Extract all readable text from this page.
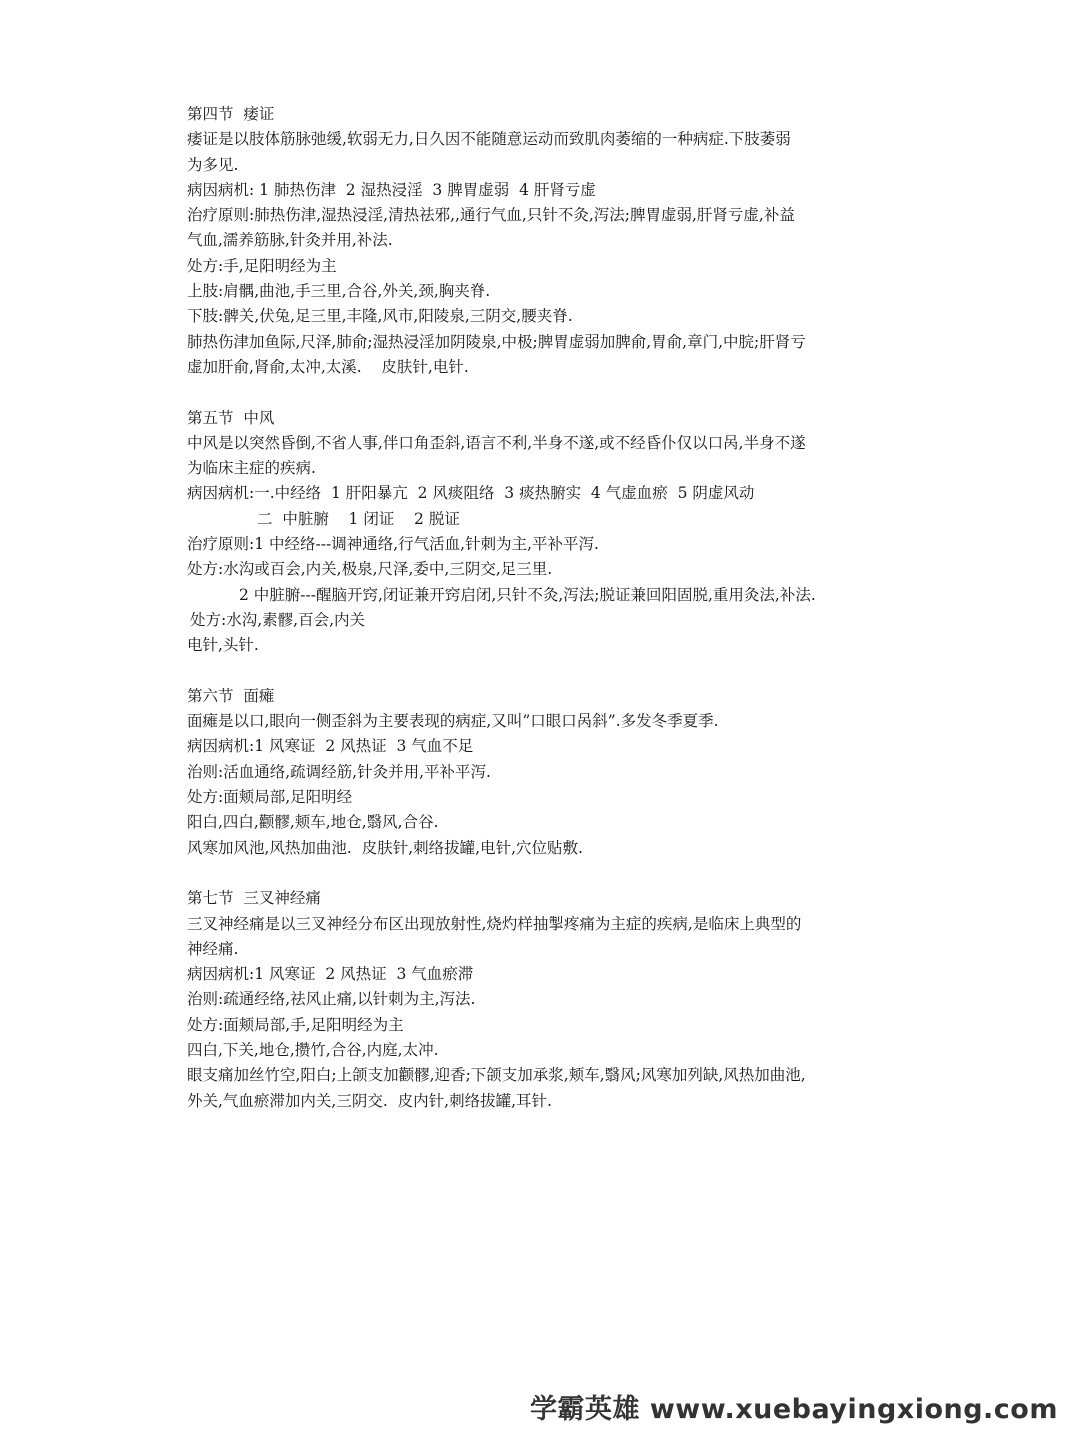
第四节  痿证
痿证是以肢体筋脉弛缓,软弱无力,日久因不能随意运动而致肌肉萎缩的一种病症.下肢萎弱
为多见.
病因病机: 1 肺热伤津  2 湿热浸淫  3 脾胃虚弱  4 肝肾亏虚
治疗原则:肺热伤津,湿热浸淫,清热祛邪,,通行气血,只针不灸,泻法;脾胃虚弱,肝肾亏虚,补益
气血,濡养筋脉,针灸并用,补法.
处方:手,足阳明经为主
上肢:肩髃,曲池,手三里,合谷,外关,颈,胸夹脊.
下肢:髀关,伏兔,足三里,丰隆,风市,阳陵泉,三阴交,腰夹脊.
肺热伤津加鱼际,尺泽,肺俞;湿热浸淫加阴陵泉,中极;脾胃虚弱加脾俞,胃俞,章门,中脘;肝肾亏
虚加肝俞,肾俞,太冲,太溪.    皮肤针,电针.
第五节  中风
中风是以突然昏倒,不省人事,伴口角歪斜,语言不利,半身不遂,或不经昏仆仅以口呙,半身不遂
为临床主症的疾病.
病因病机:一.中经络  1 肝阳暴亢  2 风痰阻络  3 痰热腑实  4 气虚血瘀  5 阴虚风动
二  中脏腑    1 闭证    2 脱证
治疗原则:1 中经络---调神通络,行气活血,针刺为主,平补平泻.
处方:水沟或百会,内关,极泉,尺泽,委中,三阴交,足三里.
2 中脏腑---醒脑开窍,闭证兼开窍启闭,只针不灸,泻法;脱证兼回阳固脱,重用灸法,补法.
处方:水沟,素髎,百会,内关
电针,头针.
第六节  面瘫
面瘫是以口,眼向一侧歪斜为主要表现的病症,又叫”口眼口呙斜”.多发冬季夏季.
病因病机:1 风寒证  2 风热证  3 气血不足
治则:活血通络,疏调经筋,针灸并用,平补平泻.
处方:面颊局部,足阳明经
阳白,四白,颧髎,颊车,地仓,翳风,合谷.
风寒加风池,风热加曲池.  皮肤针,刺络拔罐,电针,穴位贴敷.
第七节  三叉神经痛
三叉神经痛是以三叉神经分布区出现放射性,烧灼样抽掣疼痛为主症的疾病,是临床上典型的
神经痛.
病因病机:1 风寒证  2 风热证  3 气血瘀滞
治则:疏通经络,祛风止痛,以针刺为主,泻法.
处方:面颊局部,手,足阳明经为主
四白,下关,地仓,攒竹,合谷,内庭,太冲.
眼支痛加丝竹空,阳白;上颌支加颧髎,迎香;下颌支加承浆,颊车,翳风;风寒加列缺,风热加曲池,
外关,气血瘀滞加内关,三阴交.  皮内针,刺络拔罐,耳针.
学霸英雄 www.xuebayingxiong.com
